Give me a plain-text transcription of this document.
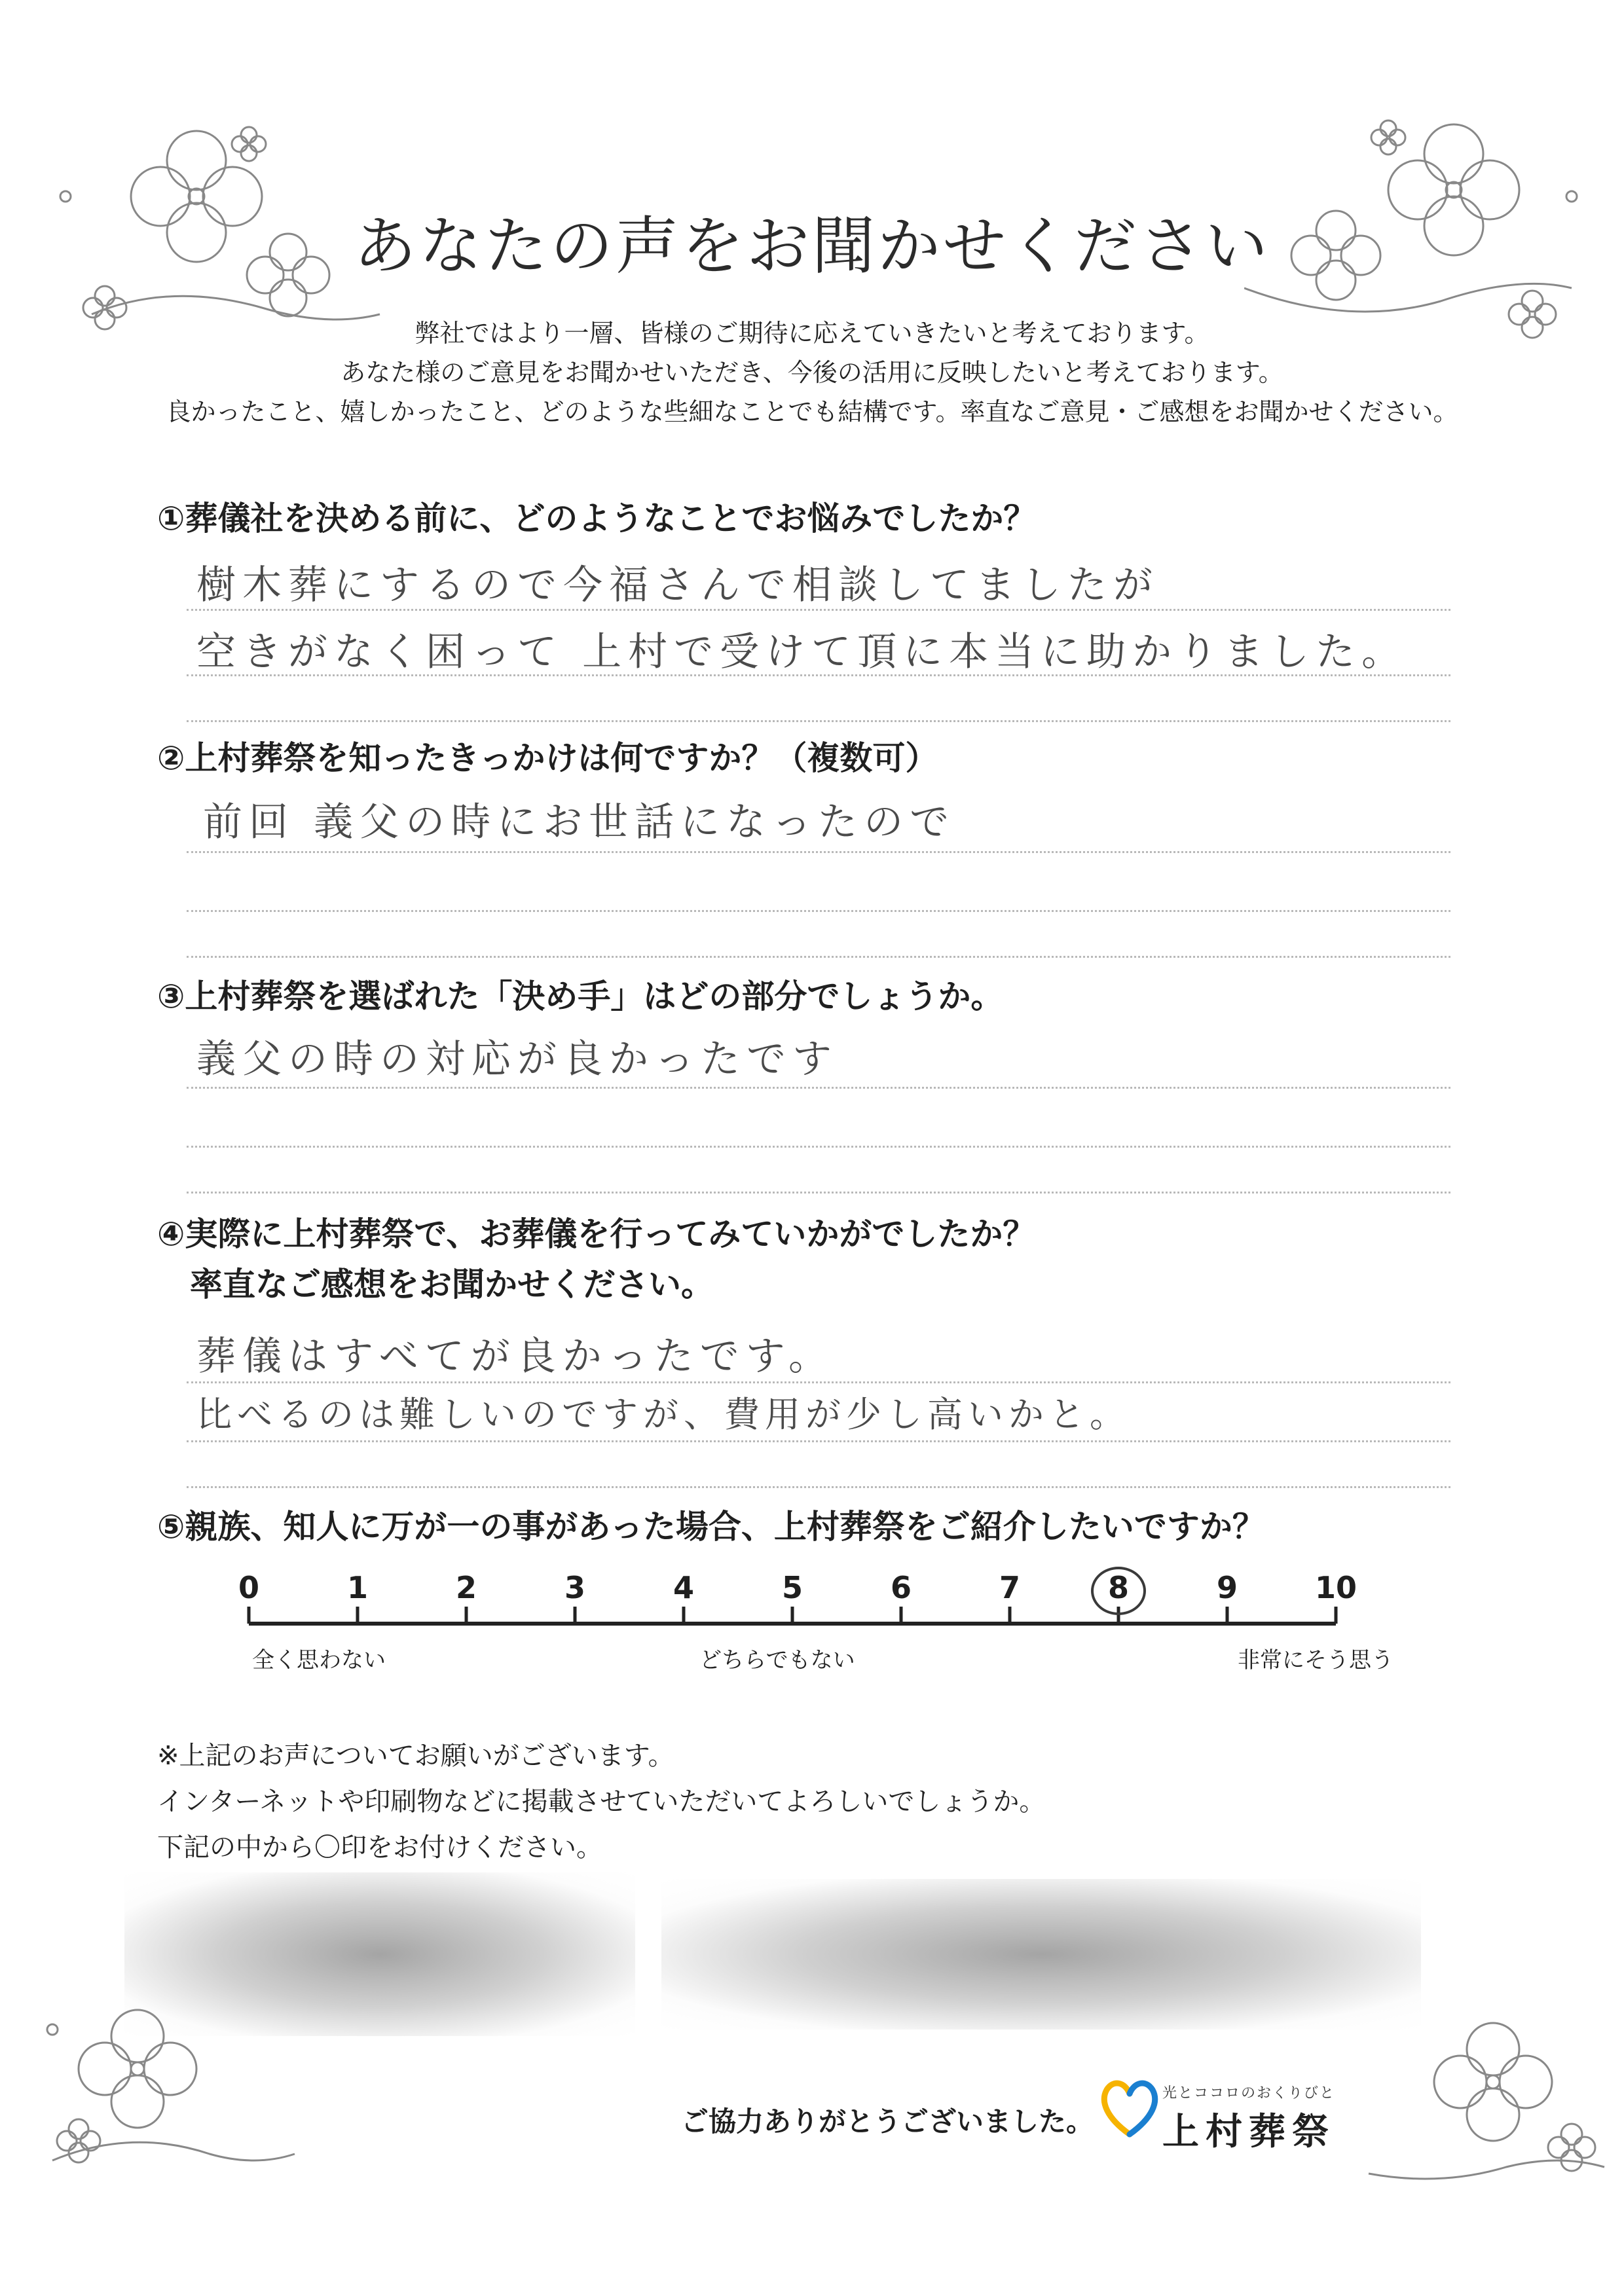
あなたの声をお聞かせください
弊社ではより一層、皆様のご期待に応えていきたいと考えております。
あなた様のご意見をお聞かせいただき、今後の活用に反映したいと考えております。
良かったこと、嬉しかったこと、どのような些細なことでも結構です。率直なご意見・ご感想をお聞かせください。
①葬儀社を決める前に、どのようなことでお悩みでしたか？
樹木葬にするので今福さんで相談してましたが
空きがなく困って 上村で受けて頂に本当に助かりました。
②上村葬祭を知ったきっかけは何ですか？（複数可）
前回 義父の時にお世話になったので
③上村葬祭を選ばれた「決め手」はどの部分でしょうか。
義父の時の対応が良かったです
④実際に上村葬祭で、お葬儀を行ってみていかがでしたか？
率直なご感想をお聞かせください。
葬儀はすべてが良かったです。
比べるのは難しいのですが、費用が少し高いかと。
⑤親族、知人に万が一の事があった場合、上村葬祭をご紹介したいですか？
0	1	2	3	4	5	6	7	8	9	10
全く思わない	どちらでもない	非常にそう思う
※上記のお声についてお願いがございます。
インターネットや印刷物などに掲載させていただいてよろしいでしょうか。
下記の中から〇印をお付けください。
ご協力ありがとうございました。
光とココロのおくりびと
上村葬祭
